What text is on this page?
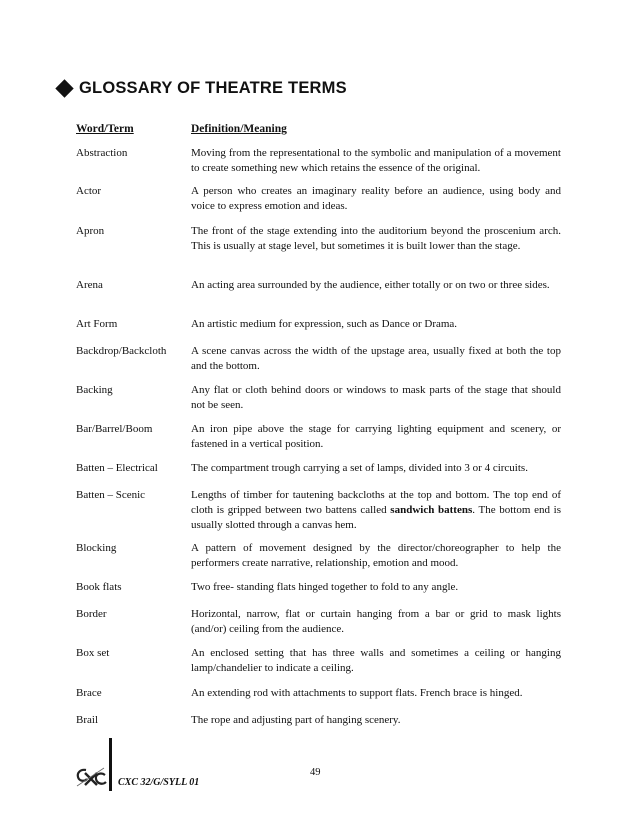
GLOSSARY OF THEATRE TERMS
Word/Term	Definition/Meaning
Abstraction	Moving from the representational to the symbolic and manipulation of a movement to create something new which retains the essence of the original.
Actor	A person who creates an imaginary reality before an audience, using body and voice to express emotion and ideas.
Apron	The front of the stage extending into the auditorium beyond the proscenium arch. This is usually at stage level, but sometimes it is built lower than the stage.
Arena	An acting area surrounded by the audience, either totally or on two or three sides.
Art Form	An artistic medium for expression, such as Dance or Drama.
Backdrop/Backcloth	A scene canvas across the width of the upstage area, usually fixed at both the top and the bottom.
Backing	Any flat or cloth behind doors or windows to mask parts of the stage that should not be seen.
Bar/Barrel/Boom	An iron pipe above the stage for carrying lighting equipment and scenery, or fastened in a vertical position.
Batten – Electrical	The compartment trough carrying a set of lamps, divided into 3 or 4 circuits.
Batten – Scenic	Lengths of timber for tautening backcloths at the top and bottom. The top end of cloth is gripped between two battens called sandwich battens. The bottom end is usually slotted through a canvas hem.
Blocking	A pattern of movement designed by the director/choreographer to help the performers create narrative, relationship, emotion and mood.
Book flats	Two free- standing flats hinged together to fold to any angle.
Border	Horizontal, narrow, flat or curtain hanging from a bar or grid to mask lights (and/or) ceiling from the audience.
Box set	An enclosed setting that has three walls and sometimes a ceiling or hanging lamp/chandelier to indicate a ceiling.
Brace	An extending rod with attachments to support flats. French brace is hinged.
Brail	The rope and adjusting part of hanging scenery.
49
CXC 32/G/SYLL 01
